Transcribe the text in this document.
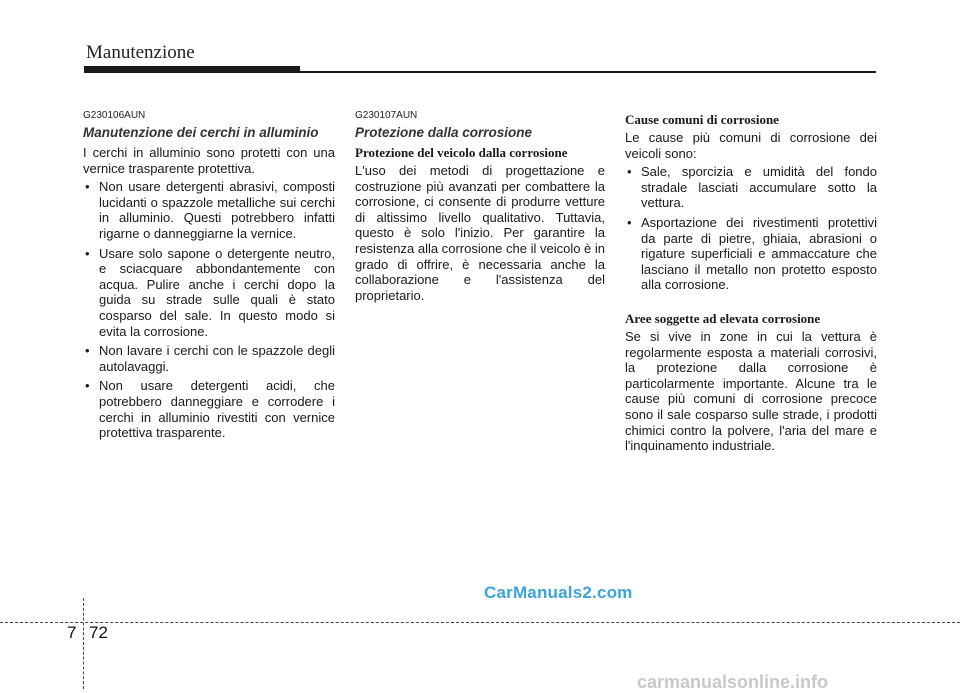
Manutenzione
G230106AUN
Manutenzione dei cerchi in alluminio

I cerchi in alluminio sono protetti con una vernice trasparente protettiva.

• Non usare detergenti abrasivi, composti lucidanti o spazzole metalliche sui cerchi in alluminio. Questi potrebbero infatti rigarne o danneggiarne la vernice.
• Usare solo sapone o detergente neutro, e sciacquare abbondantemente con acqua. Pulire anche i cerchi dopo la guida su strade sulle quali è stato cosparso del sale. In questo modo si evita la corrosione.
• Non lavare i cerchi con le spazzole degli autolavaggi.
• Non usare detergenti acidi, che potrebbero danneggiare e corrodere i cerchi in alluminio rivestiti con vernice protettiva trasparente.
G230107AUN
Protezione dalla corrosione
Protezione del veicolo dalla corrosione

L'uso dei metodi di progettazione e costruzione più avanzati per combattere la corrosione, ci consente di produrre vetture di altissimo livello qualitativo. Tuttavia, questo è solo l'inizio. Per garantire la resistenza alla corrosione che il veicolo è in grado di offrire, è necessaria anche la collaborazione e l'assistenza del proprietario.

Cause comuni di corrosione

Le cause più comuni di corrosione dei veicoli sono:

• Sale, sporcizia e umidità del fondo stradale lasciati accumulare sotto la vettura.
• Asportazione dei rivestimenti protettivi da parte di pietre, ghiaia, abrasioni o rigature superficiali e ammaccature che lasciano il metallo non protetto esposto alla corrosione.
Aree soggette ad elevata corrosione

Se si vive in zone in cui la vettura è regolarmente esposta a materiali corrosivi, la protezione dalla corrosione è particolarmente importante. Alcune tra le cause più comuni di corrosione precoce sono il sale cosparso sulle strade, i prodotti chimici contro la polvere, l'aria del mare e l'inquinamento industriale.

CarManuals2.com
7 72
carmanualsonline.info
